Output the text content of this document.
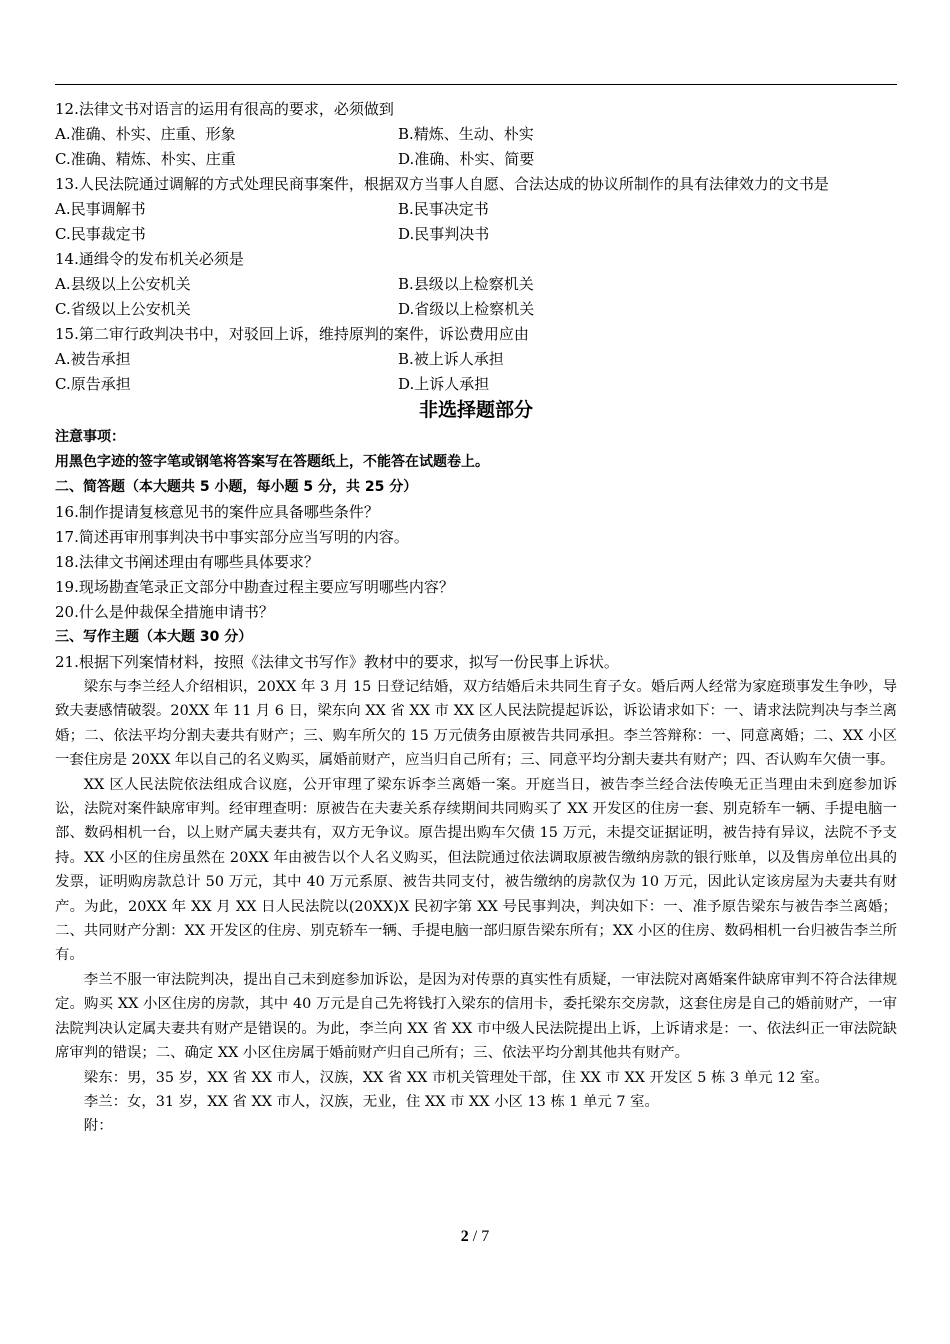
12.法律文书对语言的运用有很高的要求，必须做到
A.准确、朴实、庄重、形象	B.精炼、生动、朴实
C.准确、精炼、朴实、庄重	D.准确、朴实、简要
13.人民法院通过调解的方式处理民商事案件，根据双方当事人自愿、合法达成的协议所制作的具有法律效力的文书是
A.民事调解书	B.民事决定书
C.民事裁定书	D.民事判决书
14.通缉令的发布机关必须是
A.县级以上公安机关	B.县级以上检察机关
C.省级以上公安机关	D.省级以上检察机关
15.第二审行政判决书中，对驳回上诉，维持原判的案件，诉讼费用应由
A.被告承担	B.被上诉人承担
C.原告承担	D.上诉人承担
非选择题部分
注意事项：
用黑色字迹的签字笔或钢笔将答案写在答题纸上，不能答在试题卷上。
二、简答题（本大题共 5 小题，每小题 5 分，共 25 分）
16.制作提请复核意见书的案件应具备哪些条件？
17.简述再审刑事判决书中事实部分应当写明的内容。
18.法律文书阐述理由有哪些具体要求？
19.现场勘查笔录正文部分中勘查过程主要应写明哪些内容？
20.什么是仲裁保全措施申请书？
三、写作主题（本大题 30 分）
21.根据下列案情材料，按照《法律文书写作》教材中的要求，拟写一份民事上诉状。
梁东与李兰经人介绍相识，20XX 年 3 月 15 日登记结婚，双方结婚后未共同生育子女。婚后两人经常为家庭琐事发生争吵，导致夫妻感情破裂。20XX 年 11 月 6 日，梁东向 XX 省 XX 市 XX 区人民法院提起诉讼，诉讼请求如下：一、请求法院判决与李兰离婚；二、依法平均分割夫妻共有财产；三、购车所欠的 15 万元债务由原被告共同承担。李兰答辩称：一、同意离婚；二、XX 小区一套住房是 20XX 年以自己的名义购买，属婚前财产，应当归自己所有；三、同意平均分割夫妻共有财产；四、否认购车欠债一事。
XX 区人民法院依法组成合议庭，公开审理了梁东诉李兰离婚一案。开庭当日，被告李兰经合法传唤无正当理由未到庭参加诉讼，法院对案件缺席审判。经审理查明：原被告在夫妻关系存续期间共同购买了 XX 开发区的住房一套、别克轿车一辆、手提电脑一部、数码相机一台，以上财产属夫妻共有，双方无争议。原告提出购车欠债 15 万元，未提交证据证明，被告持有异议，法院不予支持。XX 小区的住房虽然在 20XX 年由被告以个人名义购买，但法院通过依法调取原被告缴纳房款的银行账单，以及售房单位出具的发票，证明购房款总计 50 万元，其中 40 万元系原、被告共同支付，被告缴纳的房款仅为 10 万元，因此认定该房屋为夫妻共有财产。为此，20XX 年 XX 月 XX 日人民法院以(20XX)X 民初字第 XX 号民事判决，判决如下：一、准予原告梁东与被告李兰离婚；二、共同财产分割：XX 开发区的住房、别克轿车一辆、手提电脑一部归原告梁东所有；XX 小区的住房、数码相机一台归被告李兰所有。
李兰不服一审法院判决，提出自己未到庭参加诉讼，是因为对传票的真实性有质疑，一审法院对离婚案件缺席审判不符合法律规定。购买 XX 小区住房的房款，其中 40 万元是自己先将钱打入梁东的信用卡，委托梁东交房款，这套住房是自己的婚前财产，一审法院判决认定属夫妻共有财产是错误的。为此，李兰向 XX 省 XX 市中级人民法院提出上诉，上诉请求是：一、依法纠正一审法院缺席审判的错误；二、确定 XX 小区住房属于婚前财产归自己所有；三、依法平均分割其他共有财产。
梁东：男，35 岁，XX 省 XX 市人，汉族，XX 省 XX 市机关管理处干部，住 XX 市 XX 开发区 5 栋 3 单元 12 室。
李兰：女，31 岁，XX 省 XX 市人，汉族，无业，住 XX 市 XX 小区 13 栋 1 单元 7 室。
附：
2 / 7
